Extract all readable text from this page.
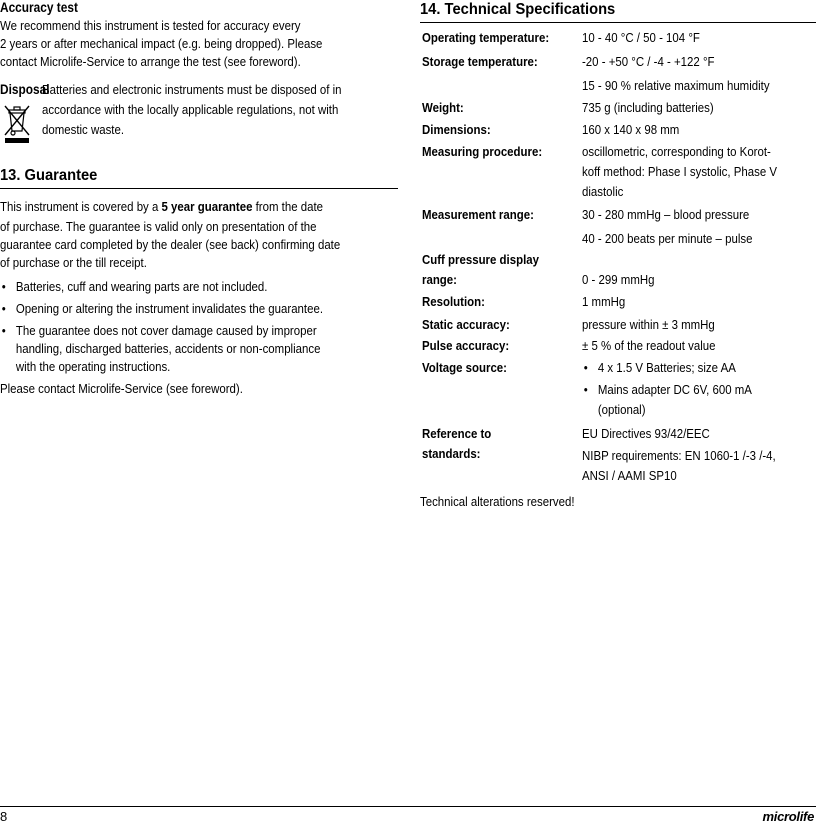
Accuracy test
We recommend this instrument is tested for accuracy every
2 years or after mechanical impact (e.g. being dropped). Please
contact Microlife-Service to arrange the test (see foreword).
Disposal
Batteries and electronic instruments must be disposed of in
accordance with the locally applicable regulations, not with
domestic waste.
13. Guarantee
This instrument is covered by a 5 year guarantee from the date
of purchase. The guarantee is valid only on presentation of the
guarantee card completed by the dealer (see back) confirming date
of purchase or the till receipt.
• Batteries, cuff and wearing parts are not included.
• Opening or altering the instrument invalidates the guarantee.
• The guarantee does not cover damage caused by improper
handling, discharged batteries, accidents or non-compliance
with the operating instructions.
Please contact Microlife-Service (see foreword).
14. Technical Specifications
Operating temperature:	10 - 40 °C / 50 - 104 °F
Storage temperature:	-20 - +50 °C / -4 - +122 °F
15 - 90 % relative maximum humidity
Weight:	735 g (including batteries)
Dimensions:	160 x 140 x 98 mm
Measuring procedure:	oscillometric, corresponding to Korot-
koff method: Phase I systolic, Phase V
diastolic
Measurement range:	30 - 280 mmHg – blood pressure
40 - 200 beats per minute – pulse
Cuff pressure display
range:	0 - 299 mmHg
Resolution:	1 mmHg
Static accuracy:	pressure within ± 3 mmHg
Pulse accuracy:	± 5 % of the readout value
Voltage source:
•	4 x 1.5 V Batteries; size AA
• Mains adapter DC 6V, 600 mA
(optional)
Reference to
standards:
EU Directives 93/42/EEC
NIBP requirements: EN 1060-1 /-3 /-4,
ANSI / AAMI SP10
Technical alterations reserved!
8	microlife
